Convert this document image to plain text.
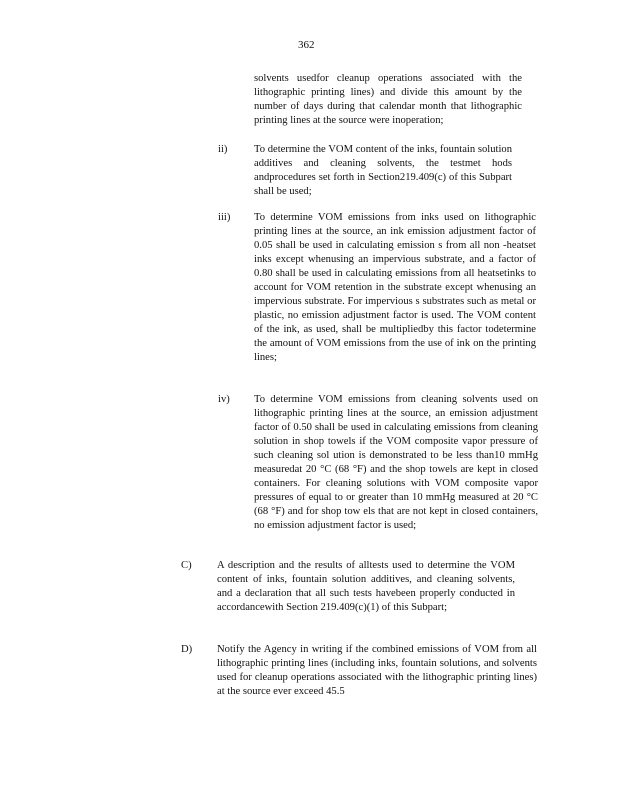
362
solvents usedfor cleanup operations associated with the lithographic printing lines) and divide this amount by the number of days during that calendar month that lithographic printing lines at the source were inoperation;
ii)	To determine the VOM content of the inks, fountain solution additives and cleaning solvents, the testmet hods andprocedures set forth in Section219.409(c) of this Subpart shall be used;
iii) To determine VOM emissions from inks used on lithographic printing lines at the source, an ink emission adjustment factor of 0.05 shall be used in calculating emission s from all non -heatset inks except whenusing an impervious substrate, and a factor of 0.80 shall be used in calculating emissions from all heatsetinks to account for VOM retention in the substrate except whenusing an impervious substrate. For impervious s substrates such as metal or plastic, no emission adjustment factor is used. The VOM content of the ink, as used, shall be multipliedby this factor todetermine the amount of VOM emissions from the use of ink on the printing lines;
iv) To determine VOM emissions from cleaning solvents used on lithographic printing lines at the source, an emission adjustment factor of 0.50 shall be used in calculating emissions from cleaning solution in shop towels if the VOM composite vapor pressure of such cleaning sol ution is demonstrated to be less than10 mmHg measuredat 20 °C (68 °F) and the shop towels are kept in closed containers. For cleaning solutions with VOM composite vapor pressures of equal to or greater than 10 mmHg measured at 20 °C (68 °F) and for shop tow els that are not kept in closed containers, no emission adjustment factor is used;
C) A description and the results of alltests used to determine the VOM content of inks, fountain solution additives, and cleaning solvents, and a declaration that all such tests havebeen properly conducted in accordancewith Section 219.409(c)(1) of this Subpart;
D) Notify the Agency in writing if the combined emissions of VOM from all lithographic printing lines (including inks, fountain solutions, and solvents used for cleanup operations associated with the lithographic printing lines) at the source ever exceed 45.5
